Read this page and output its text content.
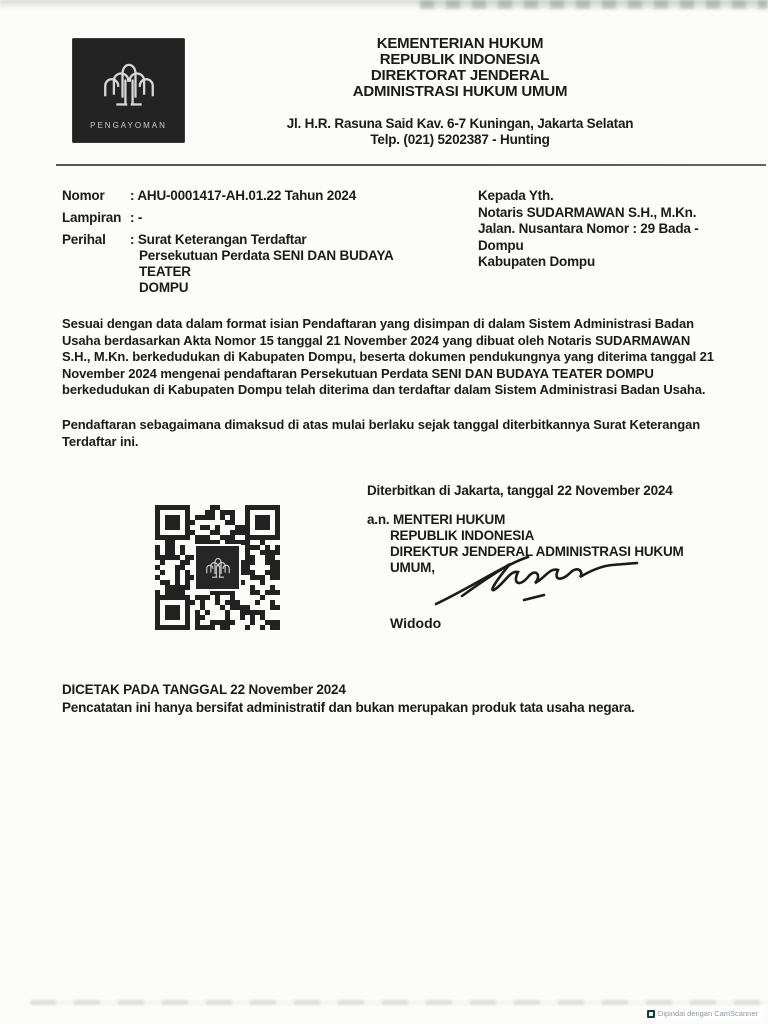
PENGAYOMAN
KEMENTERIAN HUKUM
REPUBLIK INDONESIA
DIREKTORAT JENDERAL
ADMINISTRASI HUKUM UMUM
Jl. H.R. Rasuna Said Kav. 6-7 Kuningan, Jakarta Selatan
Telp. (021) 5202387 - Hunting
Nomor	: AHU-0001417-AH.01.22 Tahun 2024
Lampiran : -
Perihal	: Surat Keterangan Terdaftar
Persekutuan Perdata SENI DAN BUDAYA TEATER
DOMPU
Kepada Yth.
Notaris SUDARMAWAN S.H., M.Kn.
Jalan. Nusantara Nomor : 29 Bada -
Dompu
Kabupaten Dompu
Sesuai dengan data dalam format isian Pendaftaran yang disimpan di dalam Sistem Administrasi Badan Usaha berdasarkan Akta Nomor 15 tanggal 21 November 2024 yang dibuat oleh Notaris SUDARMAWAN S.H., M.Kn. berkedudukan di Kabupaten Dompu, beserta dokumen pendukungnya yang diterima tanggal 21 November 2024 mengenai pendaftaran Persekutuan Perdata SENI DAN BUDAYA TEATER DOMPU berkedudukan di Kabupaten Dompu telah diterima dan terdaftar dalam Sistem Administrasi Badan Usaha.
Pendaftaran sebagaimana dimaksud di atas mulai berlaku sejak tanggal diterbitkannya Surat Keterangan Terdaftar ini.
Diterbitkan di Jakarta, tanggal 22 November 2024
a.n. MENTERI HUKUM
REPUBLIK INDONESIA
DIREKTUR JENDERAL ADMINISTRASI HUKUM UMUM,
Widodo
DICETAK PADA TANGGAL 22 November 2024
Pencatatan ini hanya bersifat administratif dan bukan merupakan produk tata usaha negara.
Dipindai dengan CamScanner
